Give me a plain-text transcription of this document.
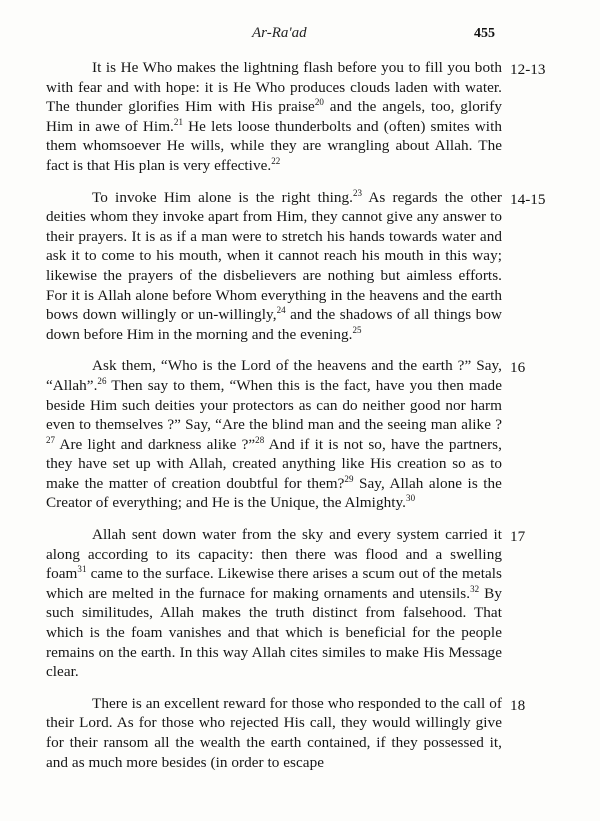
Ar-Ra'ad	455

It is He Who makes the lightning flash before you to fill you both with fear and with hope: it is He Who produces clouds laden with water. The thunder glorifies Him with His praise$^{20}$ and the angels, too, glorify Him in awe of Him.$^{21}$ He lets loose thunderbolts and (often) smites with them whomsoever He wills, while they are wrangling about Allah. The fact is that His plan is very effective.$^{22}$

12-13

To invoke Him alone is the right thing.$^{23}$ As regards the other deities whom they invoke apart from Him, they cannot give any answer to their prayers. It is as if a man were to stretch his hands towards water and ask it to come to his mouth, when it cannot reach his mouth in this way; likewise the prayers of the disbelievers are nothing but aimless efforts. For it is Allah alone before Whom everything in the heavens and the earth bows down willingly or un-willingly,$^{24}$ and the shadows of all things bow down before Him in the morning and the evening.$^{25}$

14-15

Ask them, “Who is the Lord of the heavens and the earth ?” Say, “Allah”.$^{26}$ Then say to them, “When this is the fact, have you then made beside Him such deities your protectors as can do neither good nor harm even to themselves ?” Say, “Are the blind man and the seeing man alike ?$^{27}$ Are light and darkness alike ?”$^{28}$ And if it is not so, have the partners, they have set up with Allah, created anything like His creation so as to make the matter of creation doubtful for them?$^{29}$ Say, Allah alone is the Creator of everything; and He is the Unique, the Almighty.$^{30}$

16

Allah sent down water from the sky and every system carried it along according to its capacity: then there was flood and a swelling foam$^{31}$ came to the surface. Likewise there arises a scum out of the metals which are melted in the furnace for making ornaments and utensils.$^{32}$ By such similitudes, Allah makes the truth distinct from falsehood. That which is the foam vanishes and that which is beneficial for the people remains on the earth. In this way Allah cites similes to make His Message clear.

17

There is an excellent reward for those who responded to the call of their Lord. As for those who rejected His call, they would willingly give for their ransom all the wealth the earth contained, if they possessed it, and as much more besides (in order to escape

18
